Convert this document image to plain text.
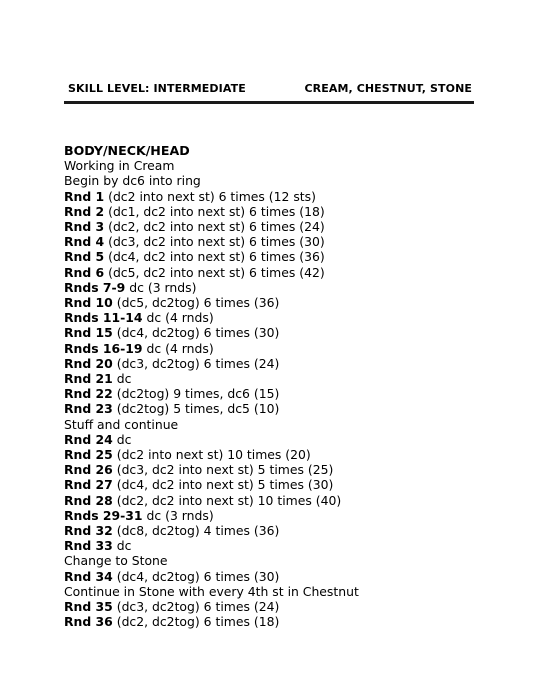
SKILL LEVEL: INTERMEDIATE	CREAM, CHESTNUT, STONE
BODY/NECK/HEAD
Working in Cream
Begin by dc6 into ring
Rnd 1 (dc2 into next st) 6 times (12 sts)
Rnd 2 (dc1, dc2 into next st) 6 times (18)
Rnd 3 (dc2, dc2 into next st) 6 times (24)
Rnd 4 (dc3, dc2 into next st) 6 times (30)
Rnd 5 (dc4, dc2 into next st) 6 times (36)
Rnd 6 (dc5, dc2 into next st) 6 times (42)
Rnds 7-9 dc (3 rnds)
Rnd 10 (dc5, dc2tog) 6 times (36)
Rnds 11-14 dc (4 rnds)
Rnd 15 (dc4, dc2tog) 6 times (30)
Rnds 16-19 dc (4 rnds)
Rnd 20 (dc3, dc2tog) 6 times (24)
Rnd 21 dc
Rnd 22 (dc2tog) 9 times, dc6 (15)
Rnd 23 (dc2tog) 5 times, dc5 (10)
Stuff and continue
Rnd 24 dc
Rnd 25 (dc2 into next st) 10 times (20)
Rnd 26 (dc3, dc2 into next st) 5 times (25)
Rnd 27 (dc4, dc2 into next st) 5 times (30)
Rnd 28 (dc2, dc2 into next st) 10 times (40)
Rnds 29-31 dc (3 rnds)
Rnd 32 (dc8, dc2tog) 4 times (36)
Rnd 33 dc
Change to Stone
Rnd 34 (dc4, dc2tog) 6 times (30)
Continue in Stone with every 4th st in Chestnut
Rnd 35 (dc3, dc2tog) 6 times (24)
Rnd 36 (dc2, dc2tog) 6 times (18)
